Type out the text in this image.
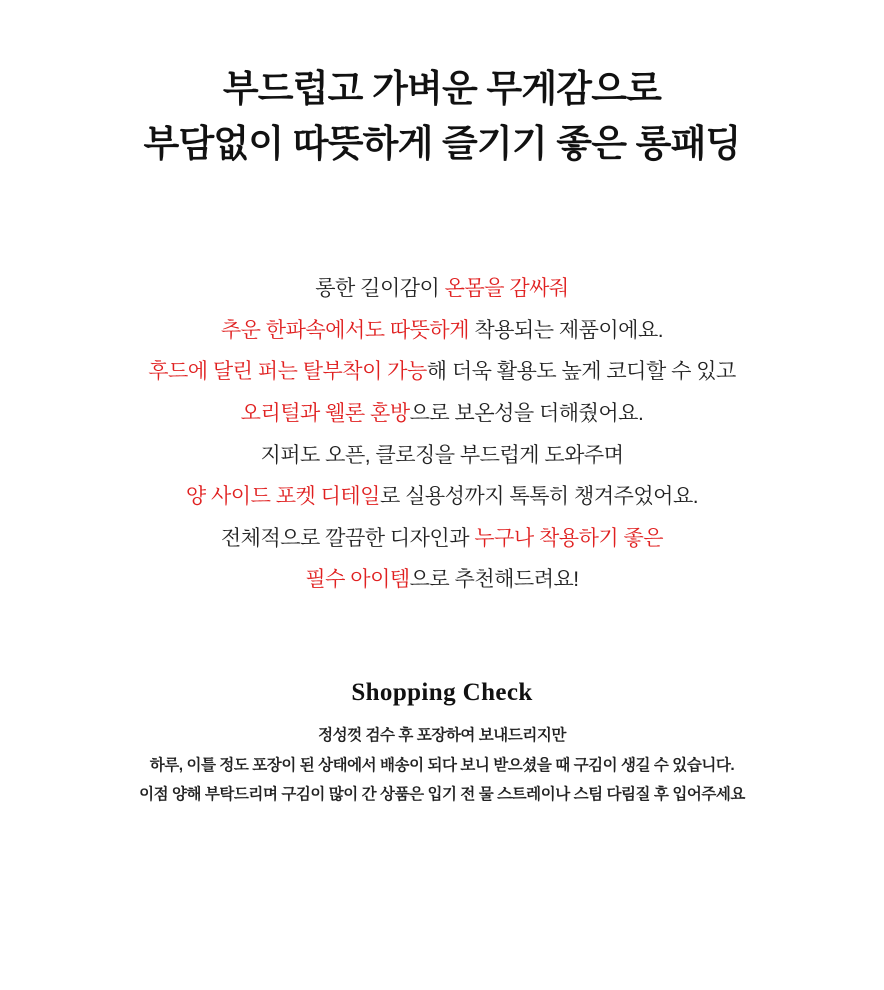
부드럽고 가벼운 무게감으로
부담없이 따뜻하게 즐기기 좋은 롱패딩
롱한 길이감이 온몸을 감싸줘
추운 한파속에서도 따뜻하게 착용되는 제품이에요.
후드에 달린 퍼는 탈부착이 가능해 더욱 활용도 높게 코디할 수 있고
오리털과 웰론 혼방으로 보온성을 더해줬어요.
지퍼도 오픈, 클로징을 부드럽게 도와주며
양 사이드 포켓 디테일로 실용성까지 톡톡히 챙겨주었어요.
전체적으로 깔끔한 디자인과 누구나 착용하기 좋은
필수 아이템으로 추천해드려요!
Shopping Check
정성껏 검수 후 포장하여 보내드리지만
하루, 이틀 정도 포장이 된 상태에서 배송이 되다 보니 받으셨을 때 구김이 생길 수 있습니다.
이점 양해 부탁드리며 구김이 많이 간 상품은 입기 전 물 스트레이나 스팀 다림질 후 입어주세요
